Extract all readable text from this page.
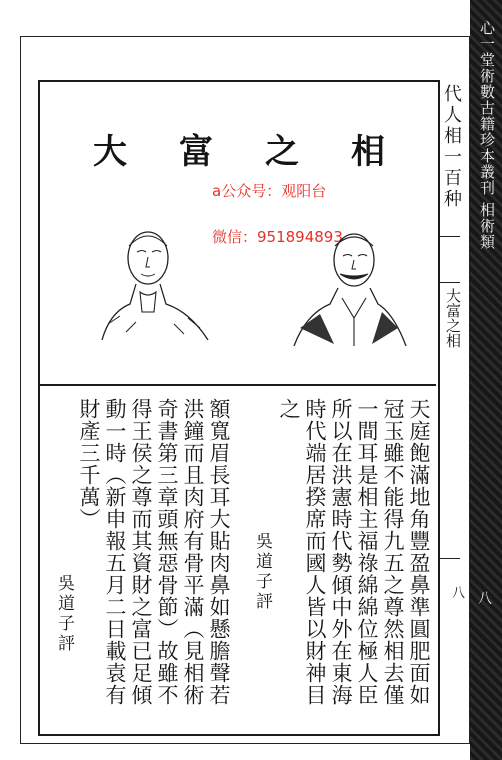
代人相一百种
大富之相
八
大富之相
a公众号：观阳台
微信：951894893
天庭飽滿地角豐盈鼻準圓肥面如
冠玉雖不能得九五之尊然相去僅
一間耳是相主福祿綿綿位極人臣
所以在洪憲時代勢傾中外在東海
時代端居揆席而國人皆以財神目
之
吳道子評
額寬眉長耳大貼肉鼻如懸膽聲若
洪鐘而且肉府有骨平滿（見相術
奇書第三章頭無惡骨節）故雖不
得王侯之尊而其資財之富已足傾
動一時（新申報五月二日載袁有
財產三千萬）
吳道子評
心一堂術數古籍珍本叢刊 相術類
八
